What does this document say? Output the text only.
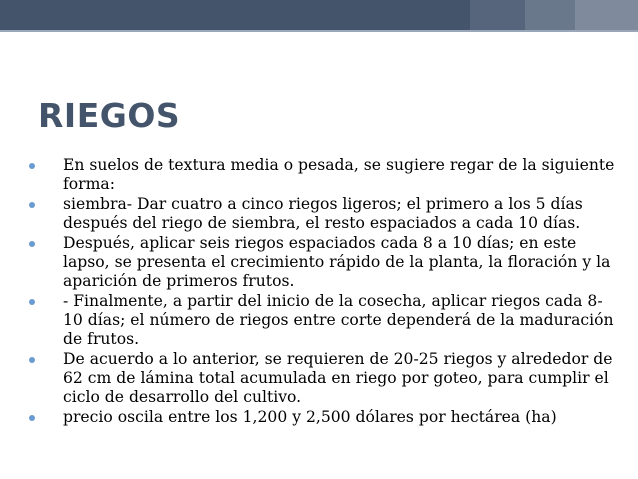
RIEGOS
En suelos de textura media o pesada, se sugiere regar de la siguiente forma:
siembra- Dar cuatro a cinco riegos ligeros; el primero a los 5 días después del riego de siembra, el resto espaciados a cada 10 días.
Después, aplicar seis riegos espaciados cada 8 a 10 días; en este lapso, se presenta el crecimiento rápido de la planta, la floración y la aparición de primeros frutos.
- Finalmente, a partir del inicio de la cosecha, aplicar riegos cada 8-10 días; el número de riegos entre corte dependerá de la maduración de frutos.
De acuerdo a lo anterior, se requieren de 20-25 riegos y alrededor de 62 cm de lámina total acumulada en riego por goteo, para cumplir el ciclo de desarrollo del cultivo.
precio oscila entre los 1,200 y 2,500 dólares por hectárea (ha)
